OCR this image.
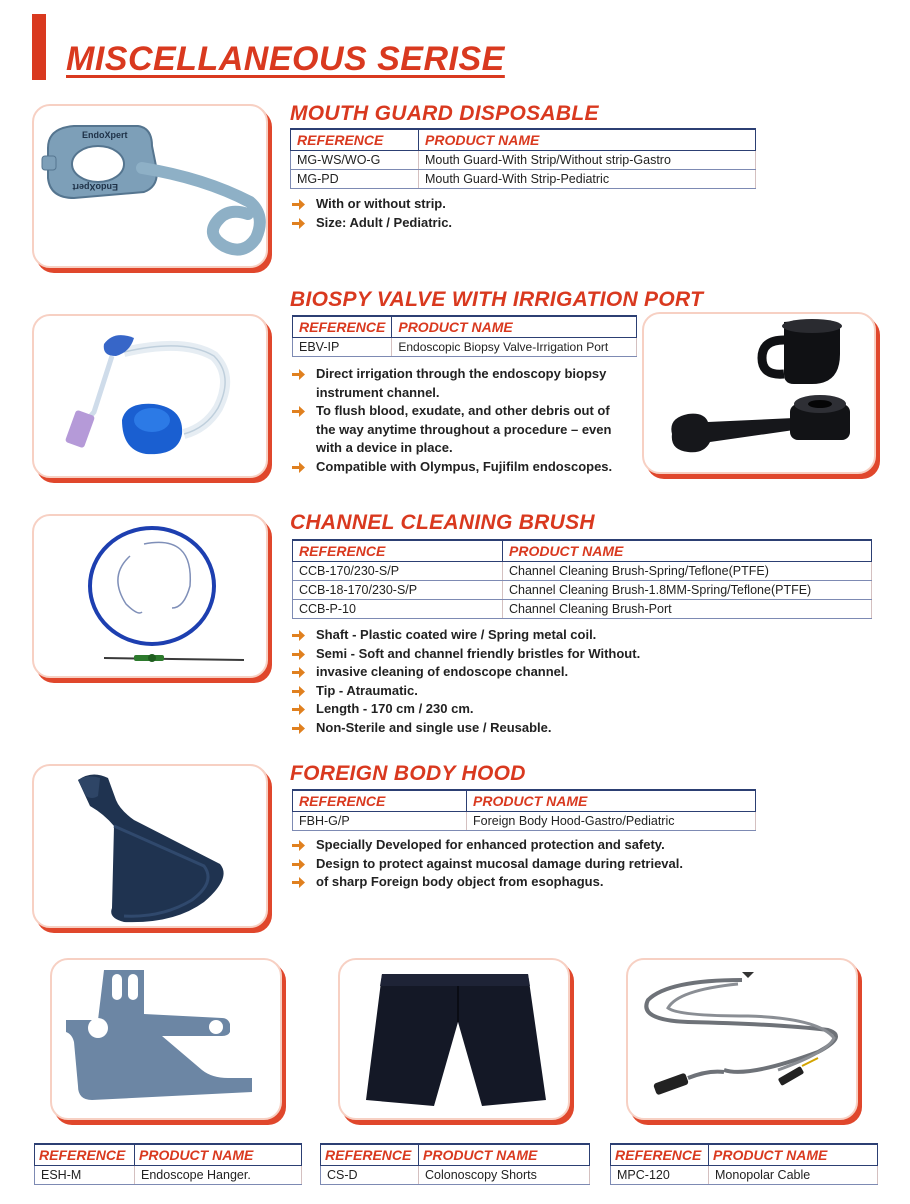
MISCELLANEOUS SERISE
EndoXpert
EndoXpert
MOUTH GUARD DISPOSABLE
REFERENCE	PRODUCT NAME
MG-WS/WO-G	Mouth Guard-With Strip/Without strip-Gastro
MG-PD	Mouth Guard-With Strip-Pediatric
With or without strip.
Size: Adult / Pediatric.
BIOSPY VALVE WITH IRRIGATION PORT
REFERENCE	PRODUCT NAME
EBV-IP	Endoscopic Biopsy Valve-Irrigation Port
Direct irrigation through the endoscopy biopsy
instrument channel.
To flush blood, exudate, and other debris out of
the way anytime throughout a procedure – even
with a device in place.
Compatible with Olympus, Fujifilm endoscopes.
CHANNEL CLEANING BRUSH
REFERENCE	PRODUCT NAME
CCB-170/230-S/P	Channel Cleaning Brush-Spring/Teflone(PTFE)
CCB-18-170/230-S/P	Channel Cleaning Brush-1.8MM-Spring/Teflone(PTFE)
CCB-P-10	Channel Cleaning Brush-Port
Shaft - Plastic coated wire / Spring metal coil.
Semi - Soft and channel friendly bristles for Without.
invasive cleaning of endoscope channel.
Tip - Atraumatic.
Length - 170 cm / 230 cm.
Non-Sterile and single use / Reusable.
FOREIGN BODY HOOD
REFERENCE	PRODUCT NAME
FBH-G/P	Foreign Body Hood-Gastro/Pediatric
Specially Developed for enhanced protection and safety.
Design to protect against mucosal damage during retrieval.
of sharp Foreign body object from esophagus.
REFERENCE	PRODUCT NAME
ESH-M	Endoscope Hanger.
REFERENCE	PRODUCT NAME
CS-D	Colonoscopy Shorts
REFERENCE	PRODUCT NAME
MPC-120	Monopolar Cable
